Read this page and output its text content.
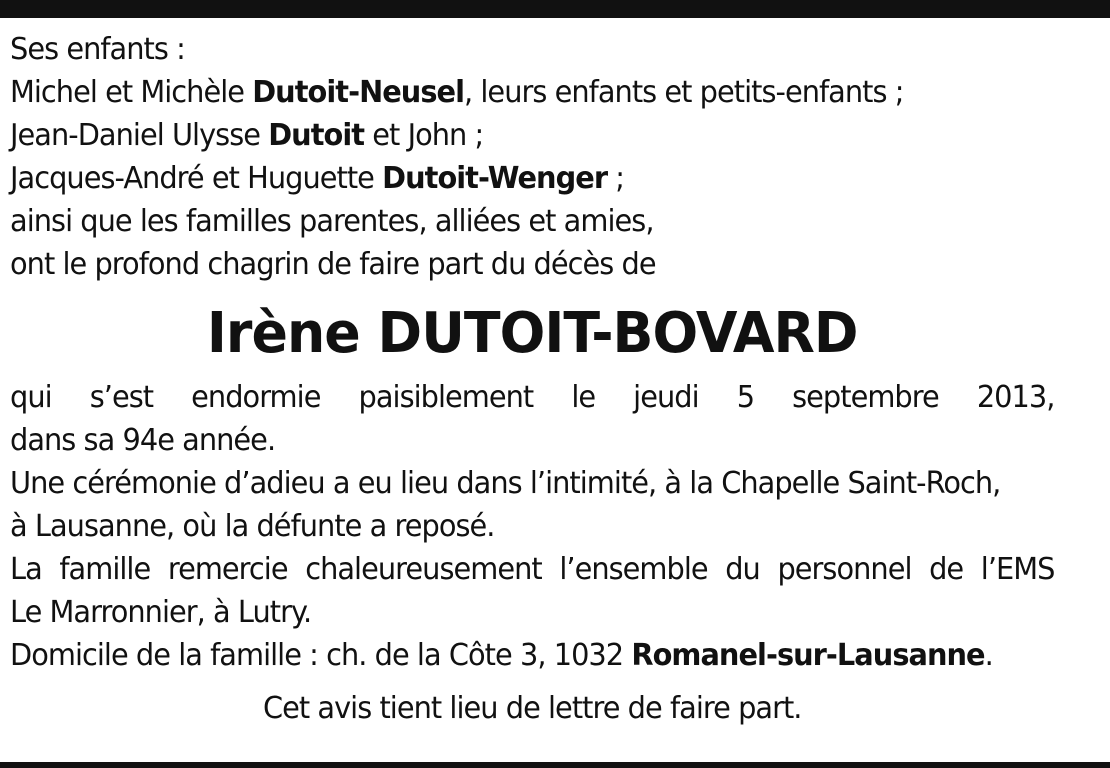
Ses enfants :
Michel et Michèle Dutoit-Neusel, leurs enfants et petits-enfants ;
Jean-Daniel Ulysse Dutoit et John ;
Jacques-André et Huguette Dutoit-Wenger ;
ainsi que les familles parentes, alliées et amies,
ont le profond chagrin de faire part du décès de
Irène DUTOIT-BOVARD
qui s’est endormie paisiblement le jeudi 5 septembre 2013,
dans sa 94e année.
Une cérémonie d’adieu a eu lieu dans l’intimité, à la Chapelle Saint-Roch,
à Lausanne, où la défunte a reposé.
La famille remercie chaleureusement l’ensemble du personnel de l’EMS
Le Marronnier, à Lutry.
Domicile de la famille : ch. de la Côte 3, 1032 Romanel-sur-Lausanne.
Cet avis tient lieu de lettre de faire part.
